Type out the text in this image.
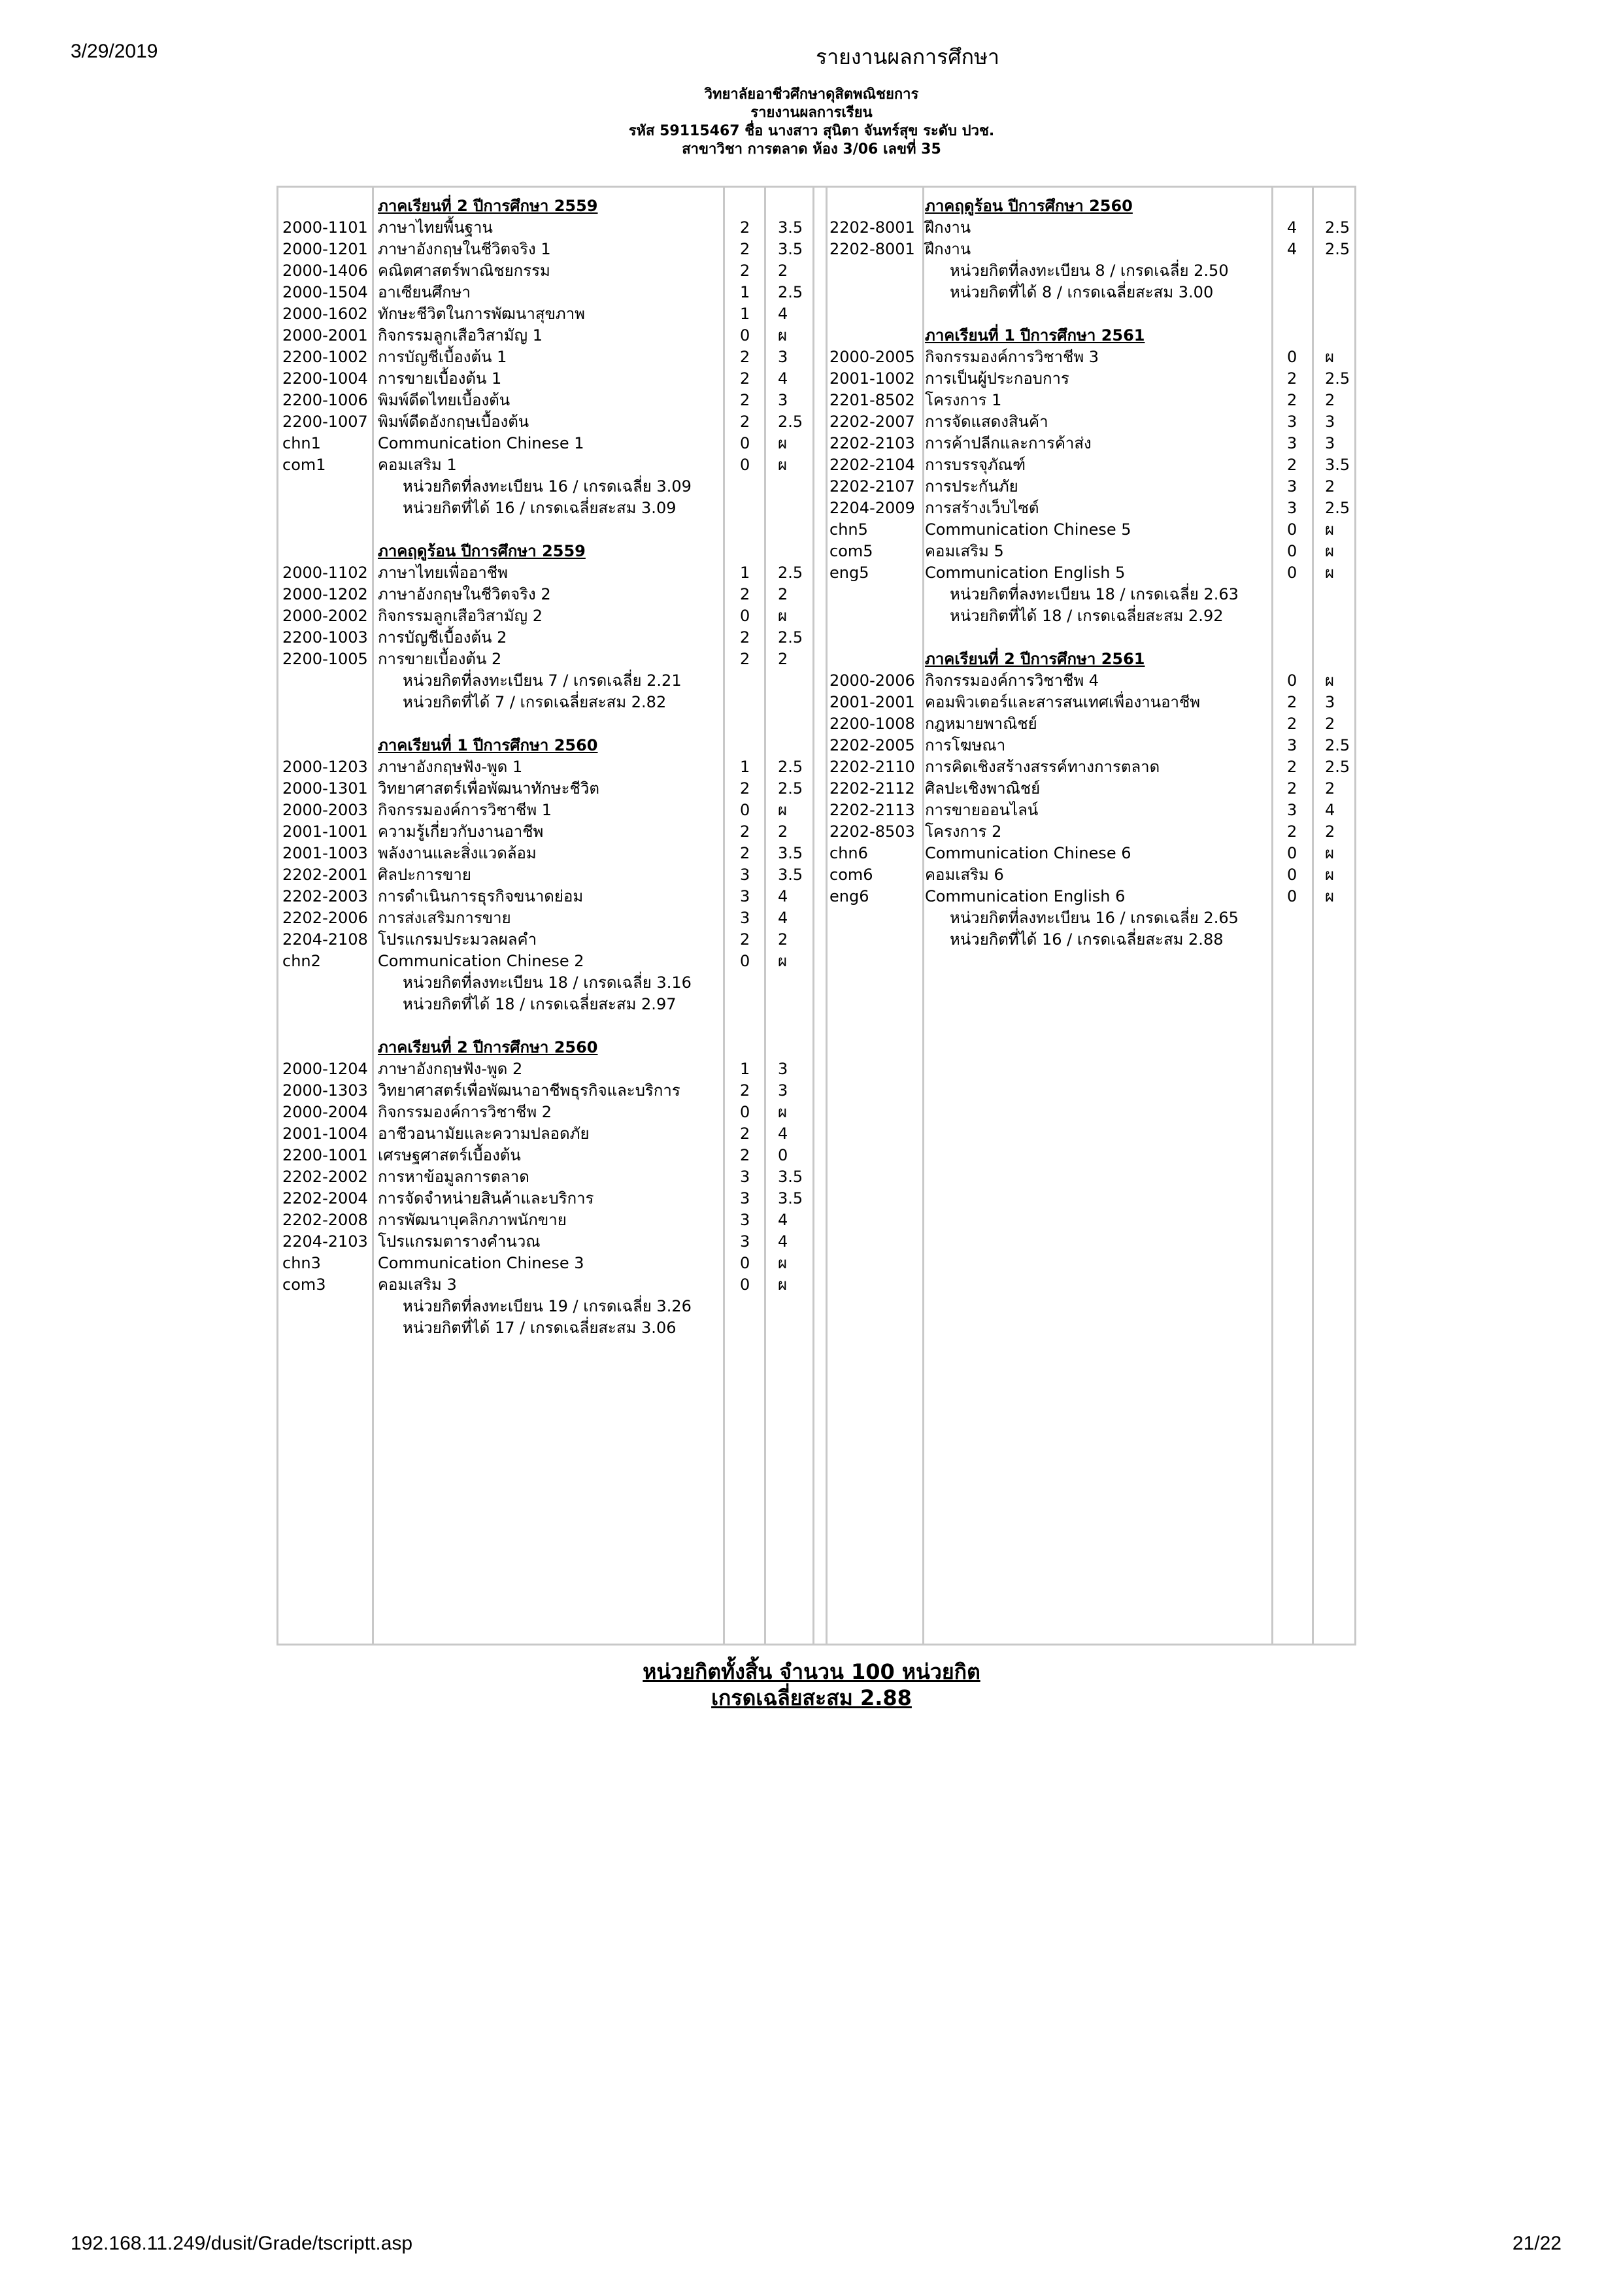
3/29/2019	รายงานผลการศึกษา
วิทยาลัยอาชีวศึกษาดุสิตพณิชยการ
รายงานผลการเรียน
รหัส 59115467 ชื่อ นางสาว สุนิตา จันทร์สุข ระดับ ปวช.
สาขาวิชา การตลาด ห้อง 3/06 เลขที่ 35
ภาคเรียนที่ 2 ปีการศึกษา 2559
2000-1101 ภาษาไทยพื้นฐาน	2 3.5
2000-1201 ภาษาอังกฤษในชีวิตจริง 1	2 3.5
2000-1406 คณิตศาสตร์พาณิชยกรรม	2 2
2000-1504 อาเซียนศึกษา	1 2.5
2000-1602 ทักษะชีวิตในการพัฒนาสุขภาพ	1 4
2000-2001 กิจกรรมลูกเสือวิสามัญ 1	0 ผ
2200-1002 การบัญชีเบื้องต้น 1	2 3
2200-1004 การขายเบื้องต้น 1	2 4
2200-1006 พิมพ์ดีดไทยเบื้องต้น	2 3
2200-1007 พิมพ์ดีดอังกฤษเบื้องต้น	2 2.5
chn1	Communication Chinese 1	0 ผ
com1	คอมเสริม 1	0 ผ
หน่วยกิตที่ลงทะเบียน 16 / เกรดเฉลี่ย 3.09
หน่วยกิตที่ได้ 16 / เกรดเฉลี่ยสะสม 3.09
ภาคฤดูร้อน ปีการศึกษา 2559
2000-1102 ภาษาไทยเพื่ออาชีพ	1 2.5
2000-1202 ภาษาอังกฤษในชีวิตจริง 2	2 2
2000-2002 กิจกรรมลูกเสือวิสามัญ 2	0 ผ
2200-1003 การบัญชีเบื้องต้น 2	2 2.5
2200-1005 การขายเบื้องต้น 2	2 2
หน่วยกิตที่ลงทะเบียน 7 / เกรดเฉลี่ย 2.21
หน่วยกิตที่ได้ 7 / เกรดเฉลี่ยสะสม 2.82
ภาคเรียนที่ 1 ปีการศึกษา 2560
2000-1203 ภาษาอังกฤษฟัง-พูด 1	1 2.5
2000-1301 วิทยาศาสตร์เพื่อพัฒนาทักษะชีวิต	2 2.5
2000-2003 กิจกรรมองค์การวิชาชีพ 1	0 ผ
2001-1001 ความรู้เกี่ยวกับงานอาชีพ	2 2
2001-1003 พลังงานและสิ่งแวดล้อม	2 3.5
2202-2001 ศิลปะการขาย	3 3.5
2202-2003 การดำเนินการธุรกิจขนาดย่อม	3 4
2202-2006 การส่งเสริมการขาย	3 4
2204-2108 โปรแกรมประมวลผลคำ	2 2
chn2	Communication Chinese 2	0 ผ
หน่วยกิตที่ลงทะเบียน 18 / เกรดเฉลี่ย 3.16
หน่วยกิตที่ได้ 18 / เกรดเฉลี่ยสะสม 2.97
ภาคเรียนที่ 2 ปีการศึกษา 2560
2000-1204 ภาษาอังกฤษฟัง-พูด 2	1 3
2000-1303 วิทยาศาสตร์เพื่อพัฒนาอาชีพธุรกิจและบริการ	2 3
2000-2004 กิจกรรมองค์การวิชาชีพ 2	0 ผ
2001-1004 อาชีวอนามัยและความปลอดภัย	2 4
2200-1001 เศรษฐศาสตร์เบื้องต้น	2 0
2202-2002 การหาข้อมูลการตลาด	3 3.5
2202-2004 การจัดจำหน่ายสินค้าและบริการ	3 3.5
2202-2008 การพัฒนาบุคลิกภาพนักขาย	3 4
2204-2103 โปรแกรมตารางคำนวณ	3 4
chn3	Communication Chinese 3	0 ผ
com3	คอมเสริม 3	0 ผ
หน่วยกิตที่ลงทะเบียน 19 / เกรดเฉลี่ย 3.26
หน่วยกิตที่ได้ 17 / เกรดเฉลี่ยสะสม 3.06
ภาคฤดูร้อน ปีการศึกษา 2560
2202-8001 ฝึกงาน	4 2.5
2202-8001 ฝึกงาน	4 2.5
หน่วยกิตที่ลงทะเบียน 8 / เกรดเฉลี่ย 2.50
หน่วยกิตที่ได้ 8 / เกรดเฉลี่ยสะสม 3.00
ภาคเรียนที่ 1 ปีการศึกษา 2561
2000-2005 กิจกรรมองค์การวิชาชีพ 3	0 ผ
2001-1002 การเป็นผู้ประกอบการ	2 2.5
2201-8502 โครงการ 1	2 2
2202-2007 การจัดแสดงสินค้า	3 3
2202-2103 การค้าปลีกและการค้าส่ง	3 3
2202-2104 การบรรจุภัณฑ์	2 3.5
2202-2107 การประกันภัย	3 2
2204-2009 การสร้างเว็บไซต์	3 2.5
chn5	Communication Chinese 5	0 ผ
com5	คอมเสริม 5	0 ผ
eng5	Communication English 5	0 ผ
หน่วยกิตที่ลงทะเบียน 18 / เกรดเฉลี่ย 2.63
หน่วยกิตที่ได้ 18 / เกรดเฉลี่ยสะสม 2.92
ภาคเรียนที่ 2 ปีการศึกษา 2561
2000-2006 กิจกรรมองค์การวิชาชีพ 4	0 ผ
2001-2001 คอมพิวเตอร์และสารสนเทศเพื่องานอาชีพ	2 3
2200-1008 กฎหมายพาณิชย์	2 2
2202-2005 การโฆษณา	3 2.5
2202-2110 การคิดเชิงสร้างสรรค์ทางการตลาด	2 2.5
2202-2112 ศิลปะเชิงพาณิชย์	2 2
2202-2113 การขายออนไลน์	3 4
2202-8503 โครงการ 2	2 2
chn6	Communication Chinese 6	0 ผ
com6	คอมเสริม 6	0 ผ
eng6	Communication English 6	0 ผ
หน่วยกิตที่ลงทะเบียน 16 / เกรดเฉลี่ย 2.65
หน่วยกิตที่ได้ 16 / เกรดเฉลี่ยสะสม 2.88
หน่วยกิตทั้งสิ้น จำนวน 100 หน่วยกิต
เกรดเฉลี่ยสะสม 2.88
192.168.11.249/dusit/Grade/tscriptt.asp	21/22
